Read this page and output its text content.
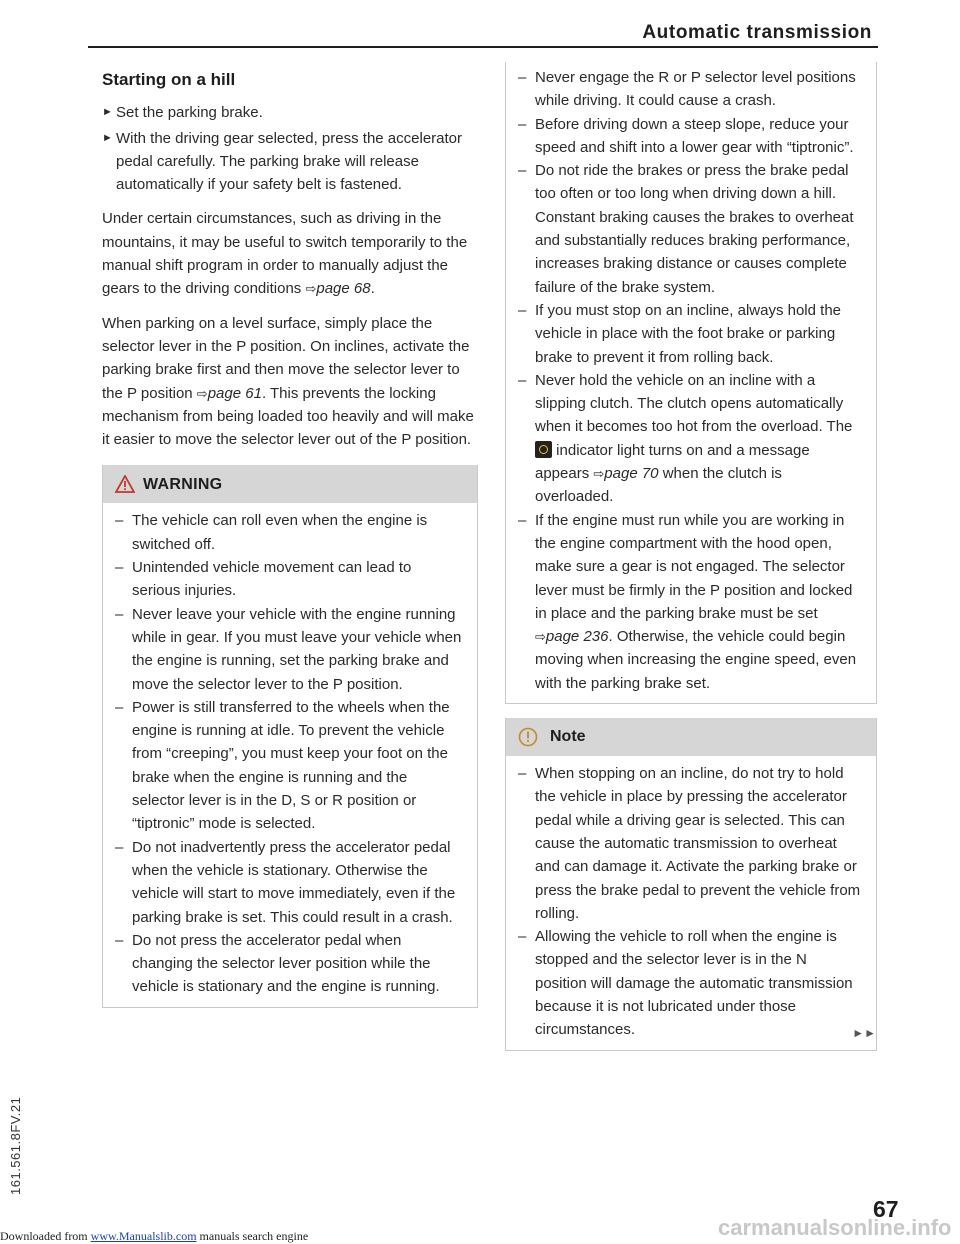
Automatic transmission
Starting on a hill
► Set the parking brake.
► With the driving gear selected, press the accelerator pedal carefully. The parking brake will release automatically if your safety belt is fastened.

Under certain circumstances, such as driving in the mountains, it may be useful to switch temporarily to the manual shift program in order to manually adjust the gears to the driving conditions ⇨page 68.

When parking on a level surface, simply place the selector lever in the P position. On inclines, activate the parking brake first and then move the selector lever to the P position ⇨page 61. This prevents the locking mechanism from being loaded too heavily and will make it easier to move the selector lever out of the P position.

WARNING
– The vehicle can roll even when the engine is switched off.
– Unintended vehicle movement can lead to serious injuries.
– Never leave your vehicle with the engine running while in gear. If you must leave your vehicle when the engine is running, set the parking brake and move the selector lever to the P position.
– Power is still transferred to the wheels when the engine is running at idle. To prevent the vehicle from “creeping”, you must keep your foot on the brake when the engine is running and the selector lever is in the D, S or R position or “tiptronic” mode is selected.
– Do not inadvertently press the accelerator pedal when the vehicle is stationary. Otherwise the vehicle will start to move immediately, even if the parking brake is set. This could result in a crash.
– Do not press the accelerator pedal when changing the selector lever position while the vehicle is stationary and the engine is running.
– Never engage the R or P selector level positions while driving. It could cause a crash.
– Before driving down a steep slope, reduce your speed and shift into a lower gear with “tiptronic”.
– Do not ride the brakes or press the brake pedal too often or too long when driving down a hill. Constant braking causes the brakes to overheat and substantially reduces braking performance, increases braking distance or causes complete failure of the brake system.
– If you must stop on an incline, always hold the vehicle in place with the foot brake or parking brake to prevent it from rolling back.
– Never hold the vehicle on an incline with a slipping clutch. The clutch opens automatically when it becomes too hot from the overload. The  indicator light turns on and a message appears ⇨page 70 when the clutch is overloaded.
– If the engine must run while you are working in the engine compartment with the hood open, make sure a gear is not engaged. The selector lever must be firmly in the P position and locked in place and the parking brake must be set ⇨page 236. Otherwise, the vehicle could begin moving when increasing the engine speed, even with the parking brake set.
Note
– When stopping on an incline, do not try to hold the vehicle in place by pressing the accelerator pedal while a driving gear is selected. This can cause the automatic transmission to overheat and can damage it. Activate the parking brake or press the brake pedal to prevent the vehicle from rolling.
– Allowing the vehicle to roll when the engine is stopped and the selector lever is in the N position will damage the automatic transmission because it is not lubricated under those circumstances.	►►
161.561.8FV.21
67
Downloaded from www.Manualslib.com manuals search engine	carmanualsonline.info
